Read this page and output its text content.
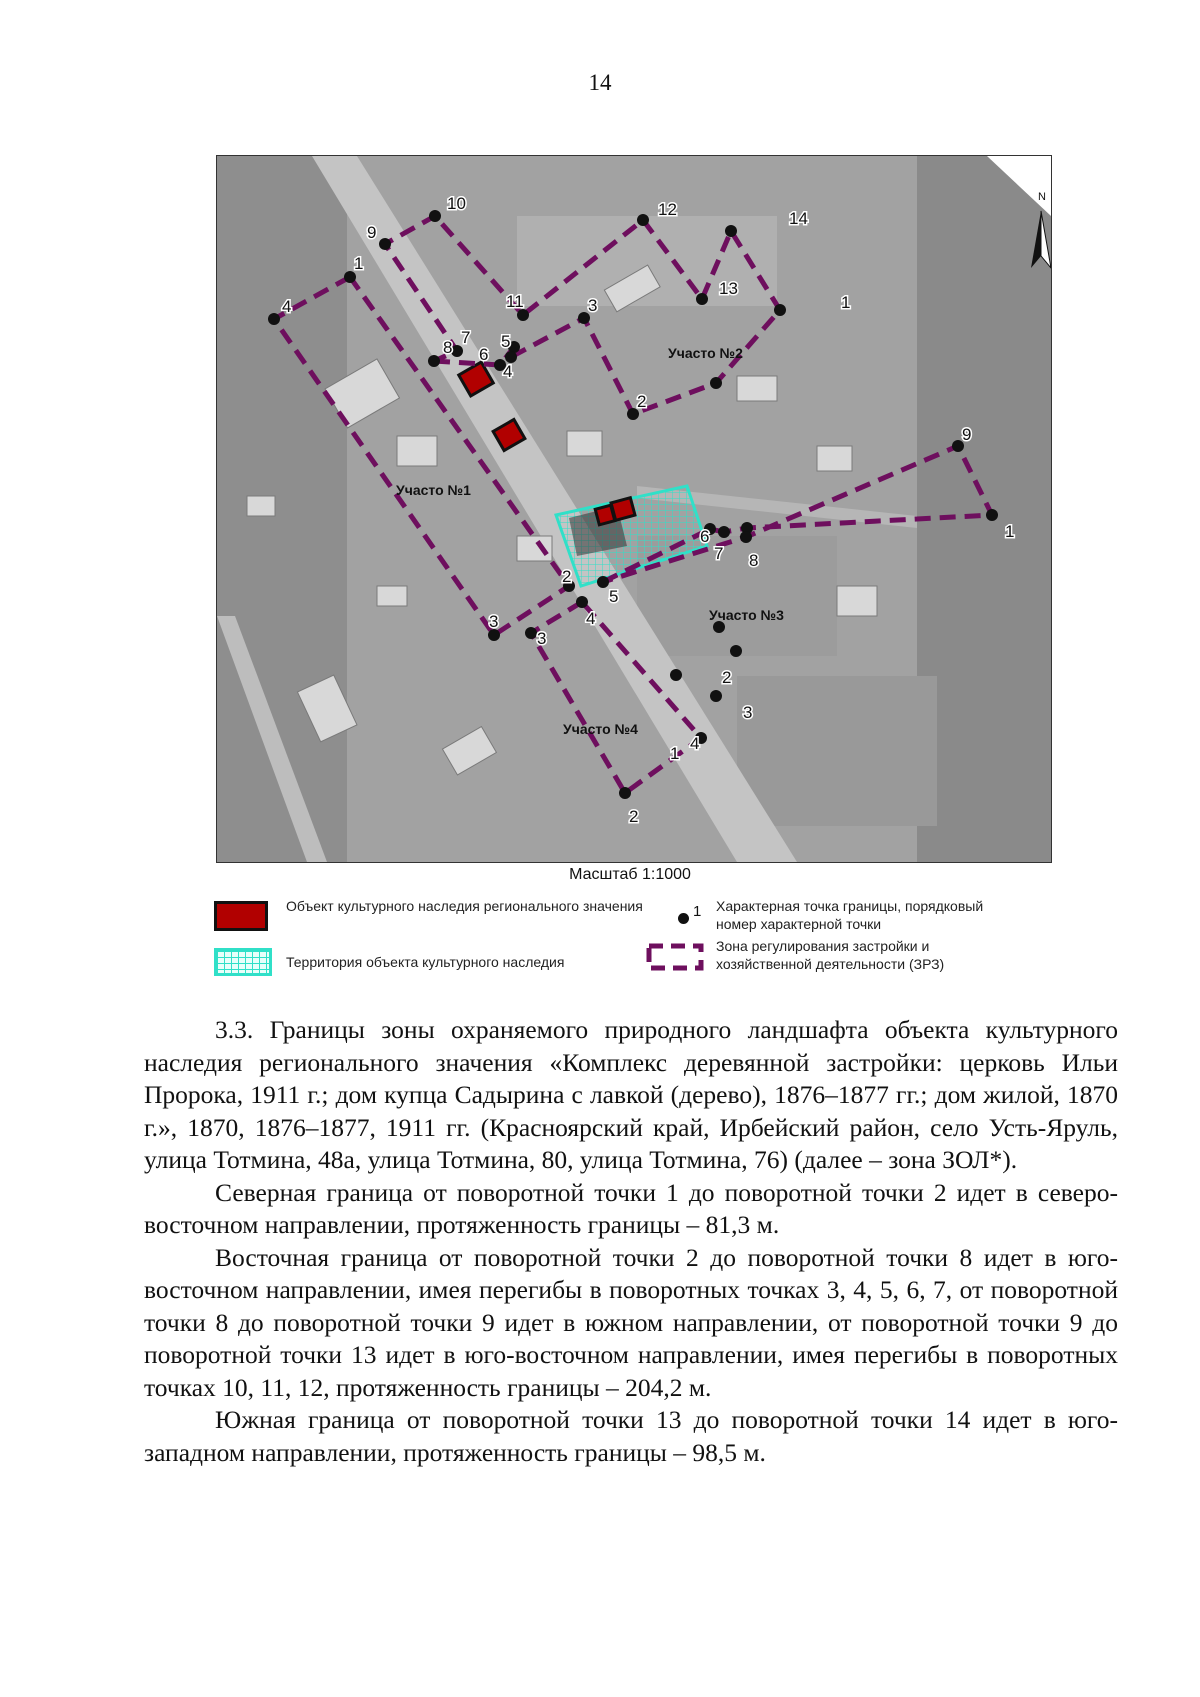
14
1
2
3
4	1
2
3
4
5
6
7
8
9
10
11
12
13
14
1
2
3
4
5
6
7 8
9
1
2
3
4
Участо №1
Участо №2
Участо №3
Участо №4
N
Масштаб 1:1000
Объект культурного наследия регионального значения
Территория объекта культурного наследия
1 Характерная точка границы, порядковый номер характерной точки
Зона регулирования застройки и хозяйственной деятельности (ЗРЗ)

3.3. Границы зоны охраняемого природного ландшафта объекта культурного наследия регионального значения «Комплекс деревянной застройки: церковь Ильи Пророка, 1911 г.; дом купца Садырина с лавкой (дерево), 1876–1877 гг.; дом жилой, 1870 г.», 1870, 1876–1877, 1911 гг. (Красноярский край, Ирбейский район, село Усть-Яруль, улица Тотмина, 48а, улица Тотмина, 80, улица Тотмина, 76) (далее – зона ЗОЛ*).

Северная граница от поворотной точки 1 до поворотной точки 2 идет в северо-восточном направлении, протяженность границы – 81,3 м.

Восточная граница от поворотной точки 2 до поворотной точки 8 идет в юго-восточном направлении, имея перегибы в поворотных точках 3, 4, 5, 6, 7, от поворотной точки 8 до поворотной точки 9 идет в южном направлении, от поворотной точки 9 до поворотной точки 13 идет в юго-восточном направлении, имея перегибы в поворотных точках 10, 11, 12, протяженность границы – 204,2 м.

Южная граница от поворотной точки 13 до поворотной точки 14 идет в юго-западном направлении, протяженность границы – 98,5 м.
